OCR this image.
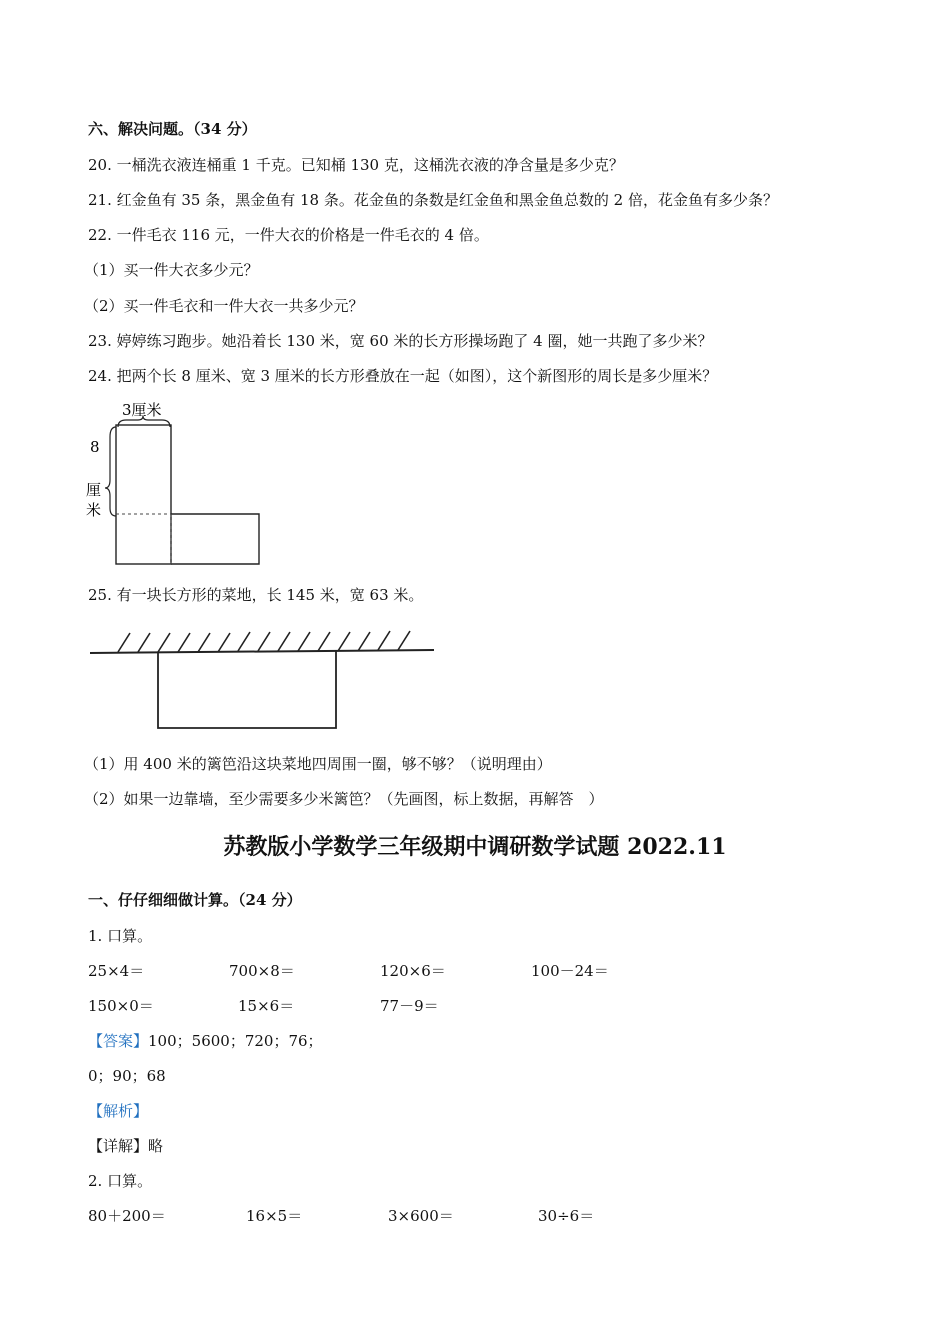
六、解决问题。（34 分）
20. 一桶洗衣液连桶重 1 千克。已知桶 130 克，这桶洗衣液的净含量是多少克？
21. 红金鱼有 35 条，黑金鱼有 18 条。花金鱼的条数是红金鱼和黑金鱼总数的 2 倍，花金鱼有多少条？
22. 一件毛衣 116 元，一件大衣的价格是一件毛衣的 4 倍。
（1）买一件大衣多少元？
（2）买一件毛衣和一件大衣一共多少元？
23. 婷婷练习跑步。她沿着长 130 米，宽 60 米的长方形操场跑了 4 圈，她一共跑了多少米？
24. 把两个长 8 厘米、宽 3 厘米的长方形叠放在一起（如图），这个新图形的周长是多少厘米？
3厘米
8
厘
米
25. 有一块长方形的菜地，长 145 米，宽 63 米。
（1）用 400 米的篱笆沿这块菜地四周围一圈，够不够？（说明理由）
（2）如果一边靠墙，至少需要多少米篱笆？（先画图，标上数据，再解答　）
苏教版小学数学三年级期中调研数学试题 2022.11
一、仔仔细细做计算。（24 分）
1. 口算。
25×4＝	700×8＝	120×6＝	100－24＝
150×0＝	15×6＝	77－9＝
【答案】100；5600；720；76；
0；90；68
【解析】
【详解】略
2. 口算。
80＋200＝	16×5＝	3×600＝	30÷6＝
